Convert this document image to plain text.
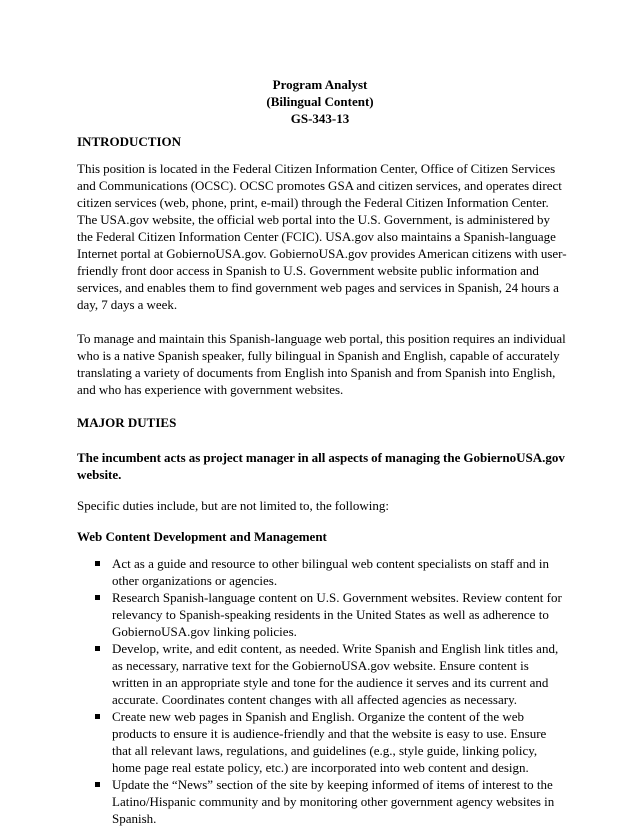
Program Analyst
(Bilingual Content)
GS-343-13

INTRODUCTION

This position is located in the Federal Citizen Information Center, Office of Citizen Services and Communications (OCSC). OCSC promotes GSA and citizen services, and operates direct citizen services (web, phone, print, e-mail) through the Federal Citizen Information Center. The USA.gov website, the official web portal into the U.S. Government, is administered by the Federal Citizen Information Center (FCIC). USA.gov also maintains a Spanish-language Internet portal at GobiernoUSA.gov. GobiernoUSA.gov provides American citizens with user-friendly front door access in Spanish to U.S. Government website public information and services, and enables them to find government web pages and services in Spanish, 24 hours a day, 7 days a week.

To manage and maintain this Spanish-language web portal, this position requires an individual who is a native Spanish speaker, fully bilingual in Spanish and English, capable of accurately translating a variety of documents from English into Spanish and from Spanish into English, and who has experience with government websites.

MAJOR DUTIES

The incumbent acts as project manager in all aspects of managing the GobiernoUSA.gov website.

Specific duties include, but are not limited to, the following:

Web Content Development and Management

Act as a guide and resource to other bilingual web content specialists on staff and in other organizations or agencies.
Research Spanish-language content on U.S. Government websites. Review content for relevancy to Spanish-speaking residents in the United States as well as adherence to GobiernoUSA.gov linking policies.
Develop, write, and edit content, as needed. Write Spanish and English link titles and, as necessary, narrative text for the GobiernoUSA.gov website. Ensure content is written in an appropriate style and tone for the audience it serves and its current and accurate. Coordinates content changes with all affected agencies as necessary.
Create new web pages in Spanish and English. Organize the content of the web products to ensure it is audience-friendly and that the website is easy to use. Ensure that all relevant laws, regulations, and guidelines (e.g., style guide, linking policy, home page real estate policy, etc.) are incorporated into web content and design.
Update the “News” section of the site by keeping informed of items of interest to the Latino/Hispanic community and by monitoring other government agency websites in Spanish.
